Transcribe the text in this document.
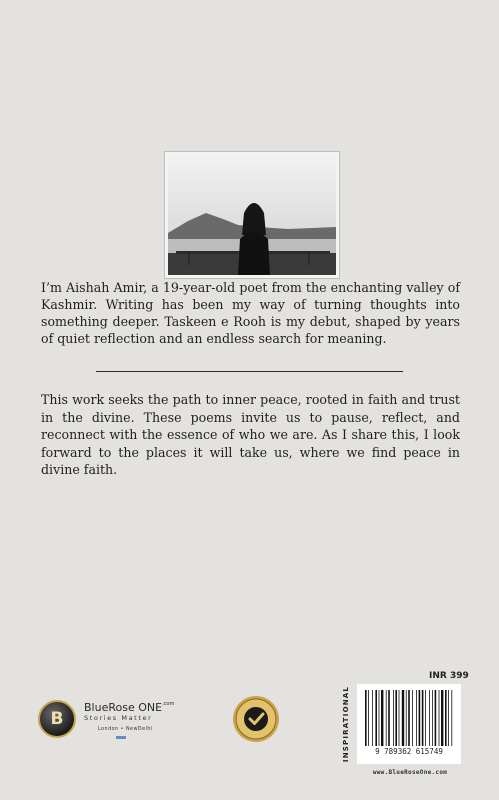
I’m Aishah Amir, a 19-year-old poet from the enchanting valley of Kashmir. Writing has been my way of turning thoughts into something deeper. Taskeen e Rooh is my debut, shaped by years of quiet reflection and an endless search for meaning.

This work seeks the path to inner peace, rooted in faith and trust in the divine. These poems invite us to pause, reflect, and reconnect with the essence of who we are. As I share this, I look forward to the places it will take us, where we find peace in divine faith.

B
BlueRose $ONE^{.com}$
Stories Matter
London • NewDelhi
INR 399
INSPIRATIONAL	9 789362 615749
www.BlueRoseOne.com
